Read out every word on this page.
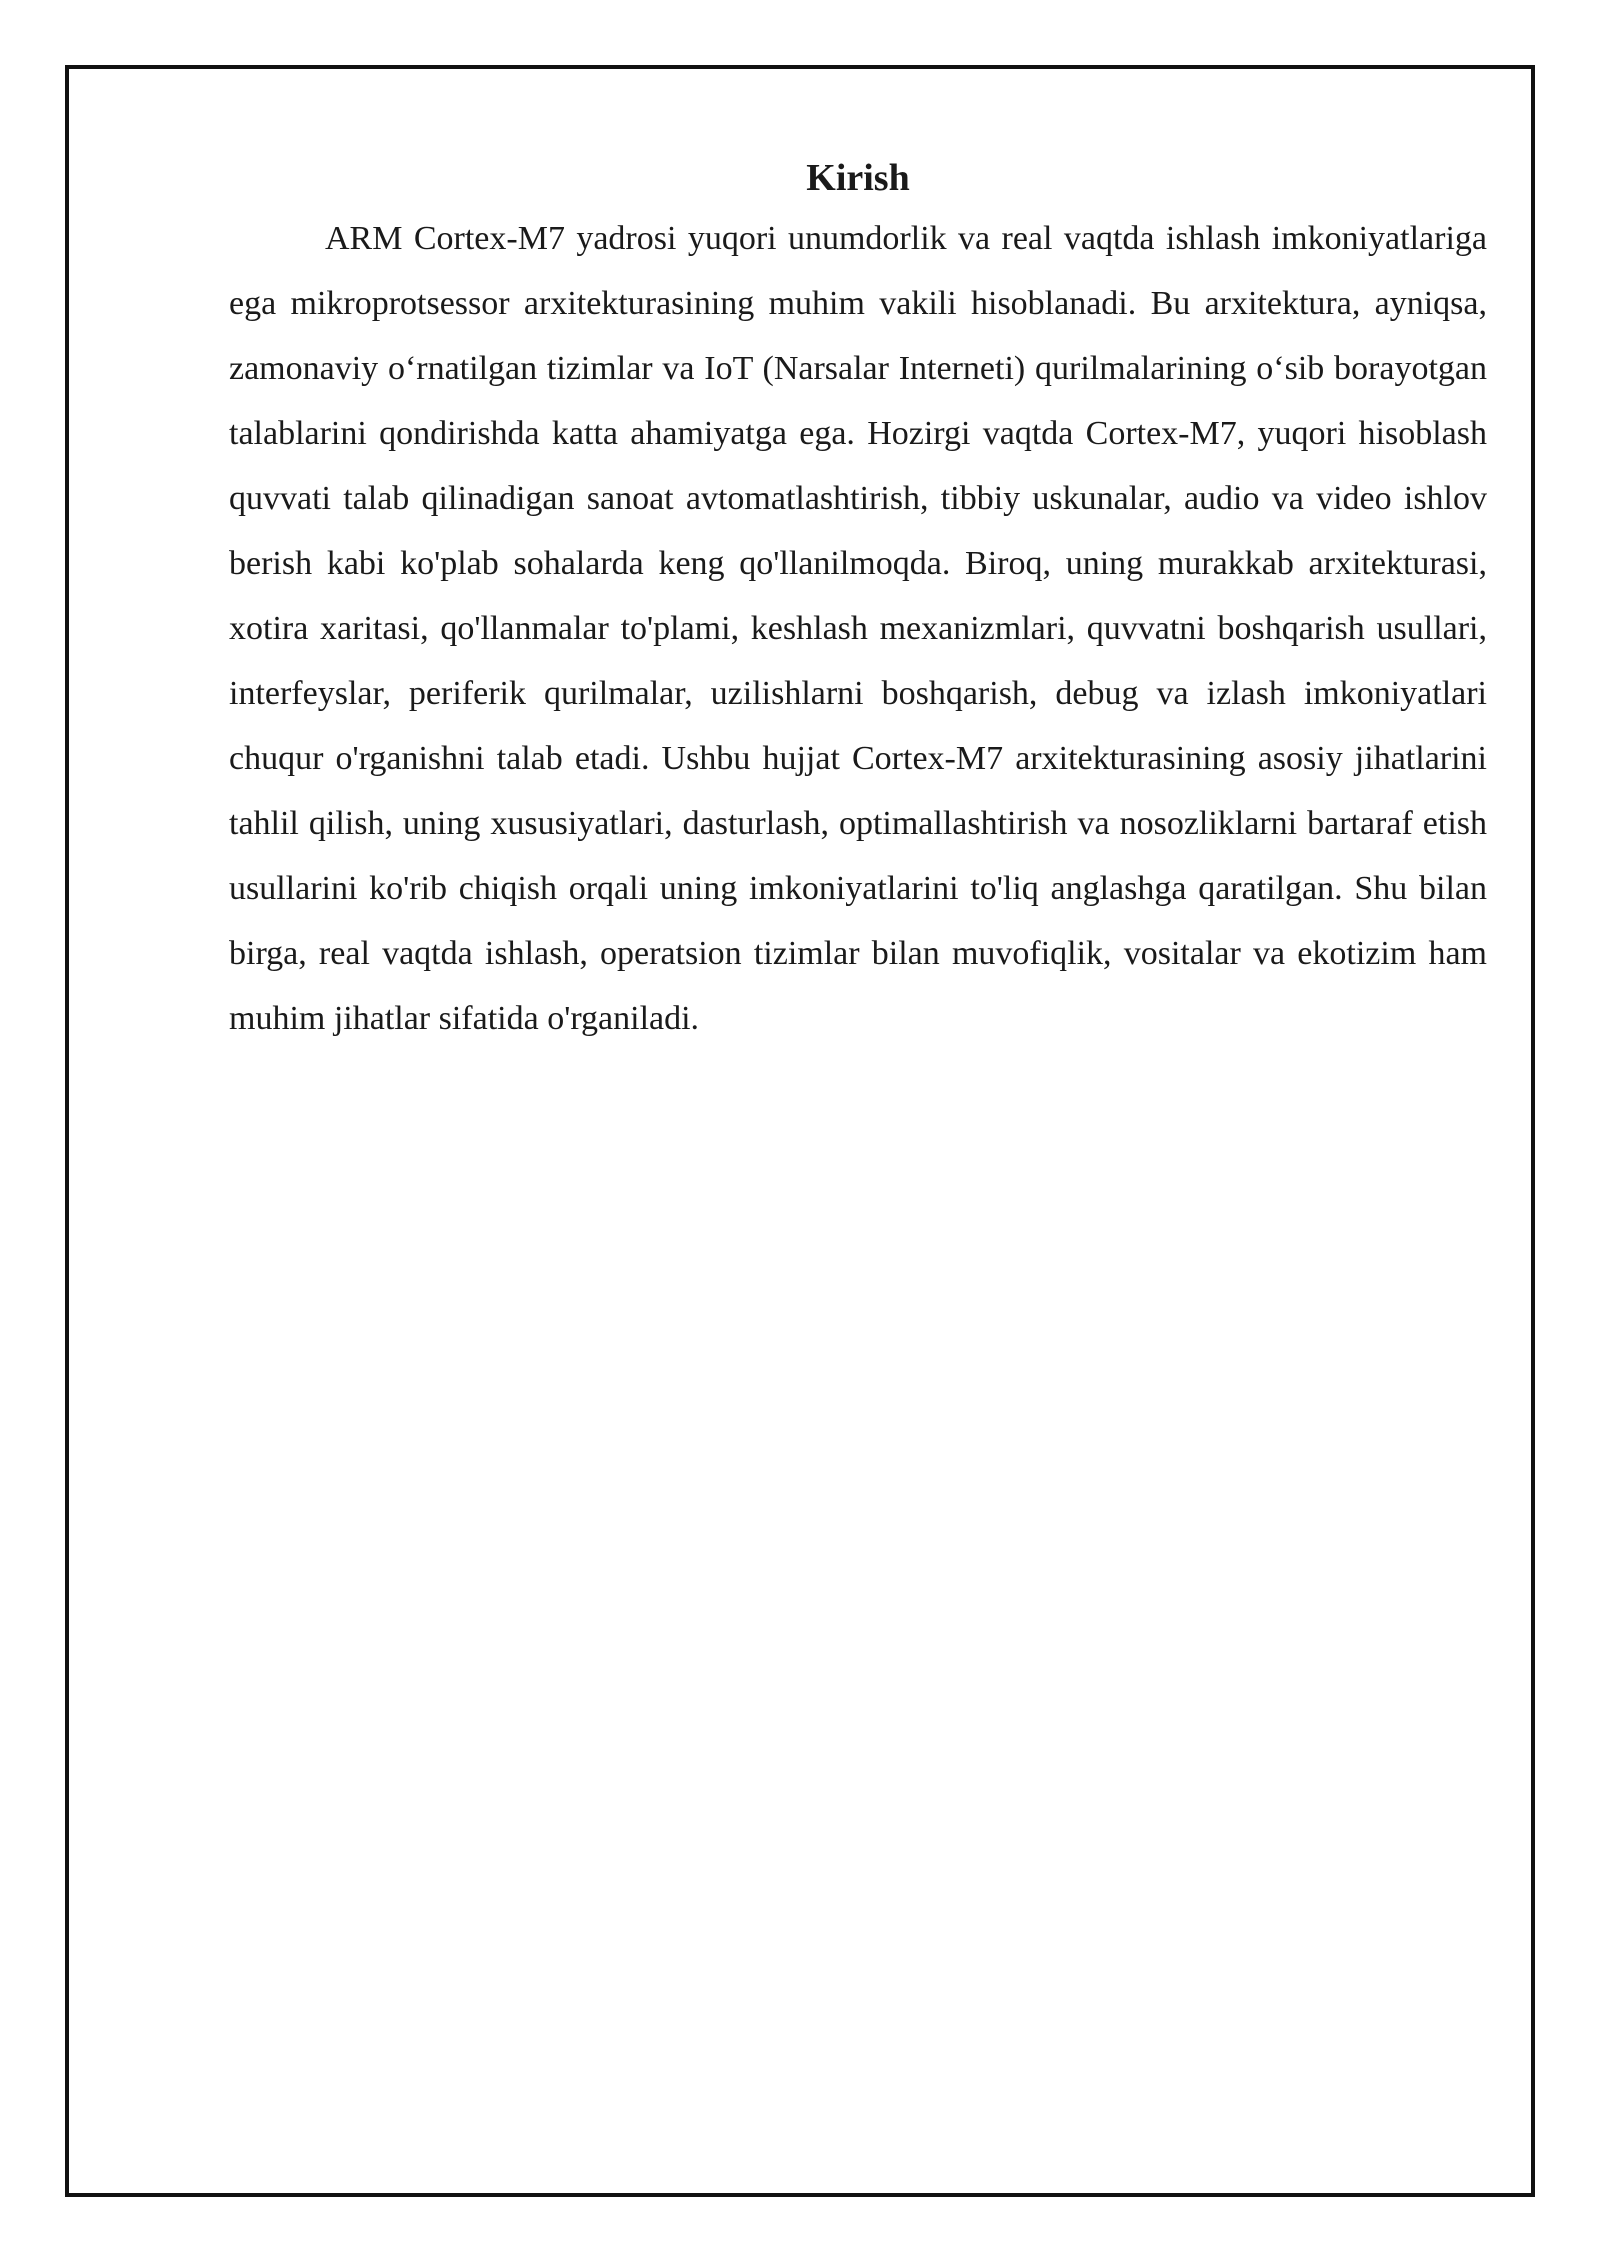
Kirish

ARM Cortex-M7 yadrosi yuqori unumdorlik va real vaqtda ishlash imkoniyatlariga ega mikroprotsessor arxitekturasining muhim vakili hisoblanadi. Bu arxitektura, ayniqsa, zamonaviy o‘rnatilgan tizimlar va IoT (Narsalar Interneti) qurilmalarining o‘sib borayotgan talablarini qondirishda katta ahamiyatga ega. Hozirgi vaqtda Cortex-M7, yuqori hisoblash quvvati talab qilinadigan sanoat avtomatlashtirish, tibbiy uskunalar, audio va video ishlov berish kabi ko'plab sohalarda keng qo'llanilmoqda. Biroq, uning murakkab arxitekturasi, xotira xaritasi, qo'llanmalar to'plami, keshlash mexanizmlari, quvvatni boshqarish usullari, interfeyslar, periferik qurilmalar, uzilishlarni boshqarish, debug va izlash imkoniyatlari chuqur o'rganishni talab etadi. Ushbu hujjat Cortex-M7 arxitekturasining asosiy jihatlarini tahlil qilish, uning xususiyatlari, dasturlash, optimallashtirish va nosozliklarni bartaraf etish usullarini ko'rib chiqish orqali uning imkoniyatlarini to'liq anglashga qaratilgan. Shu bilan birga, real vaqtda ishlash, operatsion tizimlar bilan muvofiqlik, vositalar va ekotizim ham muhim jihatlar sifatida o'rganiladi.
